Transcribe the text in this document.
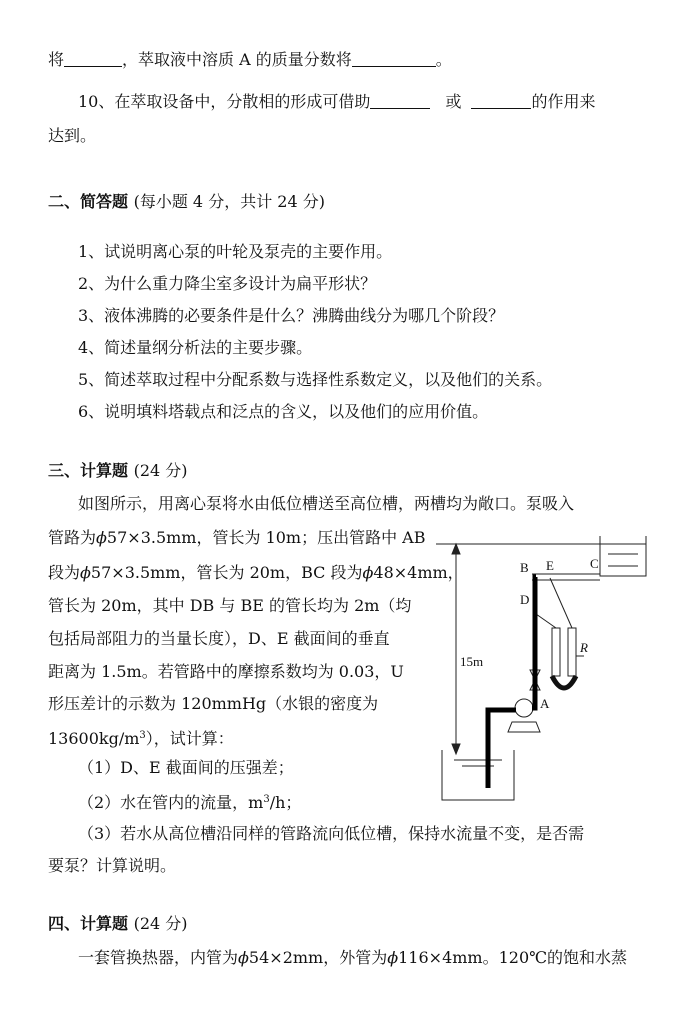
将	，萃取液中溶质 A 的质量分数将	。
10、在萃取设备中，分散相的形成可借助	或	的作用来
达到。
二、简答题 (每小题 4 分，共计 24 分)
1、试说明离心泵的叶轮及泵壳的主要作用。
2、为什么重力降尘室多设计为扁平形状？
3、液体沸腾的必要条件是什么？沸腾曲线分为哪几个阶段？
4、简述量纲分析法的主要步骤。
5、简述萃取过程中分配系数与选择性系数定义，以及他们的关系。
6、说明填料塔载点和泛点的含义，以及他们的应用价值。
三、计算题 (24 分)
如图所示，用离心泵将水由低位槽送至高位槽，两槽均为敞口。泵吸入
管路为ϕ57×3.5mm，管长为 10m；压出管路中 AB
段为ϕ57×3.5mm，管长为 20m，BC 段为ϕ48×4mm，
管长为 20m，其中 DB 与 BE 的管长均为 2m（均
包括局部阻力的当量长度），D、E 截面间的垂直
距离为 1.5m。若管路中的摩擦系数均为 0.03，U
形压差计的示数为 120mmHg（水银的密度为
$13600kg/m^3$），试计算：
（1）D、E 截面间的压强差；
（2）水在管内的流量，$m^3/h$；
（3）若水从高位槽沿同样的管路流向低位槽，保持水流量不变，是否需
要泵？计算说明。
B E	C
D
R
A
15m
四、计算题 (24 分)
一套管换热器，内管为ϕ54×2mm，外管为ϕ116×4mm。120℃的饱和水蒸
